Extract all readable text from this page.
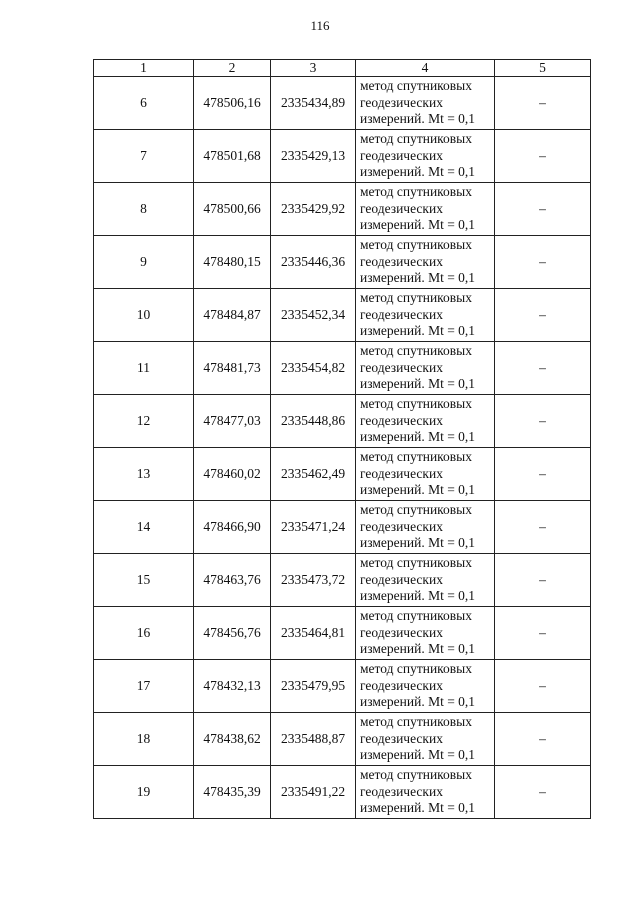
116
1	2	3	4	5
6	478506,16	2335434,89	метод спутниковых
геодезических
измерений. Mt = 0,1	–
7	478501,68	2335429,13	метод спутниковых
геодезических
измерений. Mt = 0,1	–
8	478500,66	2335429,92	метод спутниковых
геодезических
измерений. Mt = 0,1	–
9	478480,15	2335446,36	метод спутниковых
геодезических
измерений. Mt = 0,1	–
10	478484,87	2335452,34	метод спутниковых
геодезических
измерений. Mt = 0,1	–
11	478481,73	2335454,82	метод спутниковых
геодезических
измерений. Mt = 0,1	–
12	478477,03	2335448,86	метод спутниковых
геодезических
измерений. Mt = 0,1	–
13	478460,02	2335462,49	метод спутниковых
геодезических
измерений. Mt = 0,1	–
14	478466,90	2335471,24	метод спутниковых
геодезических
измерений. Mt = 0,1	–
15	478463,76	2335473,72	метод спутниковых
геодезических
измерений. Mt = 0,1	–
16	478456,76	2335464,81	метод спутниковых
геодезических
измерений. Mt = 0,1	–
17	478432,13	2335479,95	метод спутниковых
геодезических
измерений. Mt = 0,1	–
18	478438,62	2335488,87	метод спутниковых
геодезических
измерений. Mt = 0,1	–
19	478435,39	2335491,22	метод спутниковых
геодезических
измерений. Mt = 0,1	–
